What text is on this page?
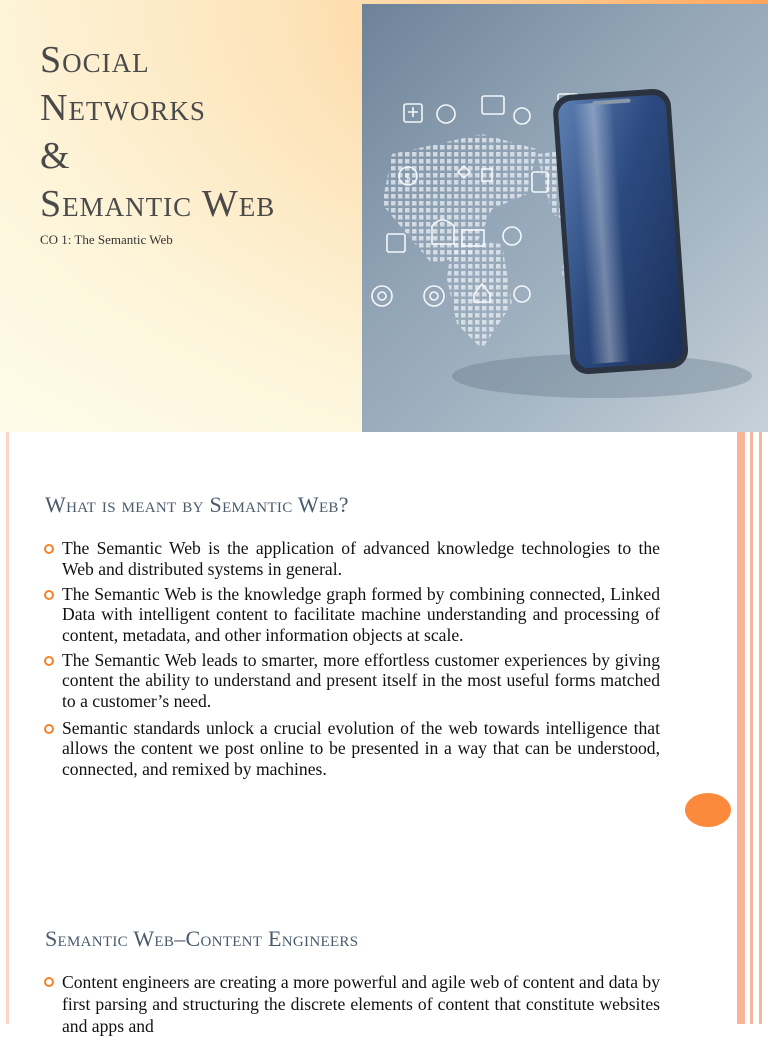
Social
Networks
&
Semantic Web
CO 1: The Semantic Web
$
What is meant by Semantic Web?
The Semantic Web is the application of advanced knowledge technologies to the Web and distributed systems in general.
The Semantic Web is the knowledge graph formed by combining connected, Linked Data with intelligent content to facilitate machine understanding and processing of content, metadata, and other information objects at scale.
The Semantic Web leads to smarter, more effortless customer experiences by giving content the ability to understand and present itself in the most useful forms matched to a customer’s need.
Semantic standards unlock a crucial evolution of the web towards intelligence that allows the content we post online to be presented in a way that can be understood, connected, and remixed by machines.
Semantic Web–Content Engineers
Content engineers are creating a more powerful and agile web of content and data by first parsing and structuring the discrete elements of content that constitute websites and apps and
